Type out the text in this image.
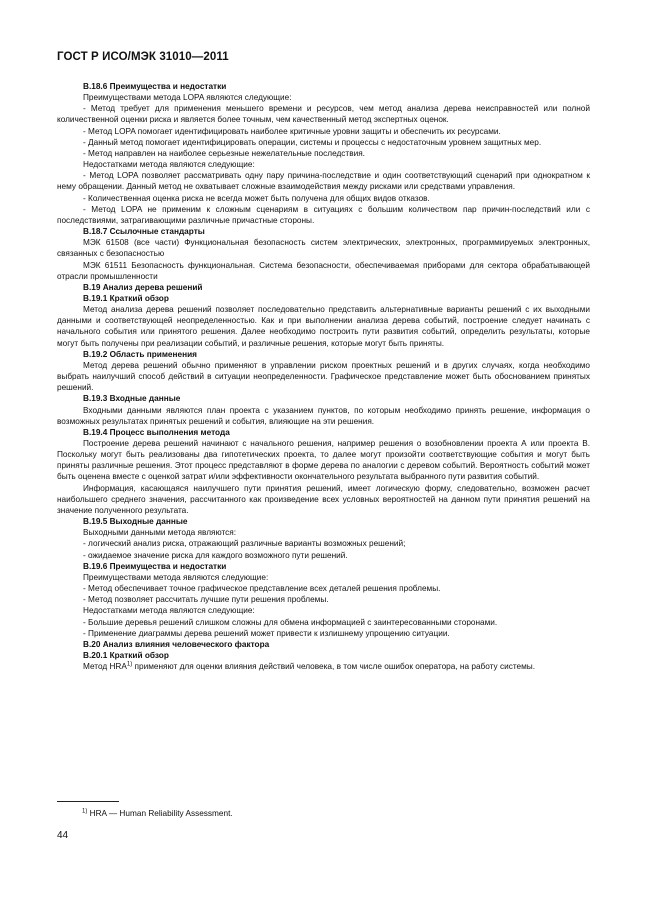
ГОСТ Р ИСО/МЭК 31010—2011

B.18.6 Преимущества и недостатки

Преимуществами метода LOPA являются следующие:

- Метод требует для применения меньшего времени и ресурсов, чем метод анализа дерева неисправностей или полной количественной оценки риска и является более точным, чем качественный метод экспертных оценок.

- Метод LOPA помогает идентифицировать наиболее критичные уровни защиты и обеспечить их ресурсами.

- Данный метод помогает идентифицировать операции, системы и процессы с недостаточным уровнем защитных мер.

- Метод направлен на наиболее серьезные нежелательные последствия.

Недостатками метода являются следующие:

- Метод LOPA позволяет рассматривать одну пару причина-последствие и один соответствующий сценарий при однократном к нему обращении. Данный метод не охватывает сложные взаимодействия между рисками или средствами управления.

- Количественная оценка риска не всегда может быть получена для общих видов отказов.

- Метод LOPA не применим к сложным сценариям в ситуациях с большим количеством пар причин-последствий или с последствиями, затрагивающими различные причастные стороны.

B.18.7 Ссылочные стандарты

МЭК 61508 (все части) Функциональная безопасность систем электрических, электронных, программируемых электронных, связанных с безопасностью

МЭК 61511 Безопасность функциональная. Система безопасности, обеспечиваемая приборами для сектора обрабатывающей отрасли промышленности

B.19 Анализ дерева решений

B.19.1 Краткий обзор

Метод анализа дерева решений позволяет последовательно представить альтернативные варианты решений с их выходными данными и соответствующей неопределенностью. Как и при выполнении анализа дерева событий, построение следует начинать с начального события или принятого решения. Далее необходимо построить пути развития событий, определить результаты, которые могут быть получены при реализации событий, и различные решения, которые могут быть приняты.

B.19.2 Область применения

Метод дерева решений обычно применяют в управлении риском проектных решений и в других случаях, когда необходимо выбрать наилучший способ действий в ситуации неопределенности. Графическое представление может быть обоснованием принятых решений.

B.19.3 Входные данные

Входными данными являются план проекта с указанием пунктов, по которым необходимо принять решение, информация о возможных результатах принятых решений и события, влияющие на эти решения.

B.19.4 Процесс выполнения метода

Построение дерева решений начинают с начального решения, например решения о возобновлении проекта А или проекта В. Поскольку могут быть реализованы два гипотетических проекта, то далее могут произойти соответствующие события и могут быть приняты различные решения. Этот процесс представляют в форме дерева по аналогии с деревом событий. Вероятность событий может быть оценена вместе с оценкой затрат и/или эффективности окончательного результата выбранного пути развития событий.

Информация, касающаяся наилучшего пути принятия решений, имеет логическую форму, следовательно, возможен расчет наибольшего среднего значения, рассчитанного как произведение всех условных вероятностей на данном пути принятия решений на значение полученного результата.

B.19.5 Выходные данные

Выходными данными метода являются:

- логический анализ риска, отражающий различные варианты возможных решений;

- ожидаемое значение риска для каждого возможного пути решений.

B.19.6 Преимущества и недостатки

Преимуществами метода являются следующие:

- Метод обеспечивает точное графическое представление всех деталей решения проблемы.

- Метод позволяет рассчитать лучшие пути решения проблемы.

Недостатками метода являются следующие:

- Большие деревья решений слишком сложны для обмена информацией с заинтересованными сторонами.

- Применение диаграммы дерева решений может привести к излишнему упрощению ситуации.

B.20 Анализ влияния человеческого фактора

B.20.1 Краткий обзор

Метод HRA$^{1)}$ применяют для оценки влияния действий человека, в том числе ошибок оператора, на работу системы.

$^{1)}$ HRA — Human Reliability Assessment.
44
